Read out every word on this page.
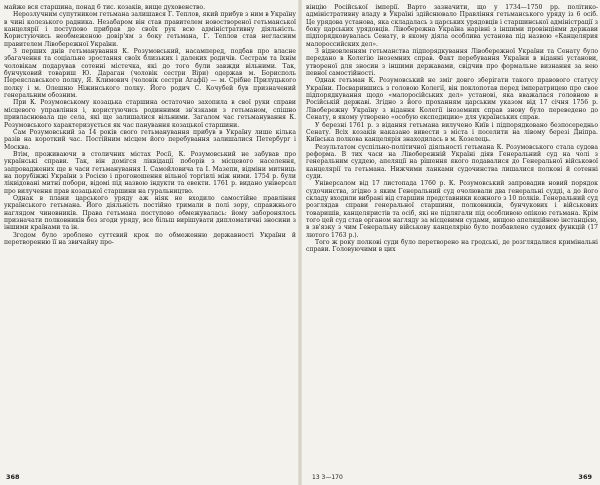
майже вся старшина, понад 6 тис. козаків, вище духовенство.

Нерозлучним супутником гетьмана залишався Г. Теплов, який прибув з ним в Україну в чині колезького радника. Незабаром він став правителем новоствореної гетьманської канцелярії і поступово прибрав до своїх рук всю адміністративну діяльність. Користуючись необмеженою довір'ям з боку гетьмана, Г. Теплов став негласним правителем Лівобережної України.

З перших днів гетьманування К. Розумовський, насамперед, подбав про власне збагачення та соціальне зростання своїх близьких і далеких родичів. Сестрам та їхнім чоловікам подарував сотенні містечка, які до того були завжди вільними. Так, бунчуковий товариш Ю. Дараган (чоловік сестри Віри) одержав м. Борисполь Переяславського полку, Я. Климович (чоловік сестри Агафії) — м. Срібне Прилуцького полку і м. Олешню Ніжинського полку. Його родич С. Кочубей був призначений генеральним обозним.

При К. Розумовському козацька старшина остаточно захопила в свої руки справи місцевого управління і, користуючись родинними зв'язками з гетьманом, спішно привласнювала ще села, які ще залишалися вільними. Загалом час гетьманування К. Розумовського характеризується як час панування козацької старшини.

Сам Розумовський за 14 років свого гетьманування прибув в Україну лише кілька разів на короткий час. Постійним місцем його перебування залишалися Петербург і Москва.

Втім, проживаючи в столичних містах Росії, К. Розумовський не забував про українські справи. Так, він домігся ліквідації поборів з місцевого населення, запроваджених ще в часи гетьманування І. Самойловича та І. Мазепи, відміни митниць на порубіжжі України з Росією і прогоношення вільної торгівлі між ними. 1754 р. були ліквідовані митні побори, відомі під назвою індукти та евекти. 1761 р. видано універсал про вилучення прав козацької старшини на гуральництво.

Однак в плани царського уряду аж ніяк не входило самостійне правління українського гетьмана. Його діяльність постійно тримали в полі зору, справжнього наглядом чиновників. Права гетьмана поступово обмежувалась: йому заборонялось призначати полковників без згоди уряду, все більш вирішувати дипломатичні зносини з іншими країнами та ін.

Згодом було зроблено суттєвий крок по обмеженню державності України й перетворенню її на звичайну про-

вінцію Російської імперії. Варто зазначити, що у 1734—1750 рр. політико-адміністративну владу в Україні здійснювало Правління гетьманського уряду із 6 осіб. Це урядова установа, яка складалась з царських урядовців і старшинської адміністрації з боку царських урядовців. Лівобережна Україна нарівні з іншими провінціями держави підпорядковувалась Сенату, в якому діяла особлива установа під назвою «Канцелярия малороссийских дел».

З відновленням гетьманства підпорядкування Лівобережної України та Сенату було передано в Колегію іноземних справ. Факт перебування України в віданні установи, утвореної для зносин з іншими державами, свідчив про формальне визнання за нею певної самостійності.

Однак гетьман К. Розумовський не зміг довго зберігати такого правового статусу України. Посварившись з головою Колегії, він поклопотав перед імператрицею про свое підпорядкування щодо «малоросійських дел» установі, яка вважалася головною в Російській державі. Згідно з його проханням царським указом від 17 січня 1756 р. Лівобережну Україну з відання Колегії іноземних справ знову було переведено до Сенату, в якому утворено «особую експедицию» для українських справ.

У березні 1761 р. з відання гетьмана вилучено Київ і підпорядковано безпосередньо Сенату. Всіх козаків наказано вивести з міста і поселити на лівому березі Дніпра. Київська полкова канцелярія знаходилась в м. Козелець.

Результатом суспільно-політичної діяльності гетьмана К. Розумовського стала судова реформа. В тих часи на Лівобережній Україні діяв Генеральний суд на чолі з генеральним суддею, апеляції на рішення якого подавалися до Генеральної військової канцелярії та гетьмана. Нижчими ланками судочинства лишалися полкові й сотенні суди.

Універсалом від 17 листопада 1760 р. К. Розумовський запровадив новий порядок судочинства, згідно з яким Генеральний суд очолювали два генеральні судді, а до його складу входили вибрані від старшин представники кожного з 10 полків. Генеральний суд розглядав справи генеральної старшини, полковників, бунчукових і військових товаришів, канцеляристів та осіб, які не підлягали під особливою опікою гетьмана. Крім того цей суд став органом нагляду за місцевими судами, вищою апеляційною інстанцією, в зв'язку з чим Генеральну військову канцелярію було позбавлено судових функцій (17 лютого 1763 р.).

Того ж року полкові суди було перетворено на гродські, де розглядалися кримінальні справи. Головуючими в цих

368	13 3—170	369
